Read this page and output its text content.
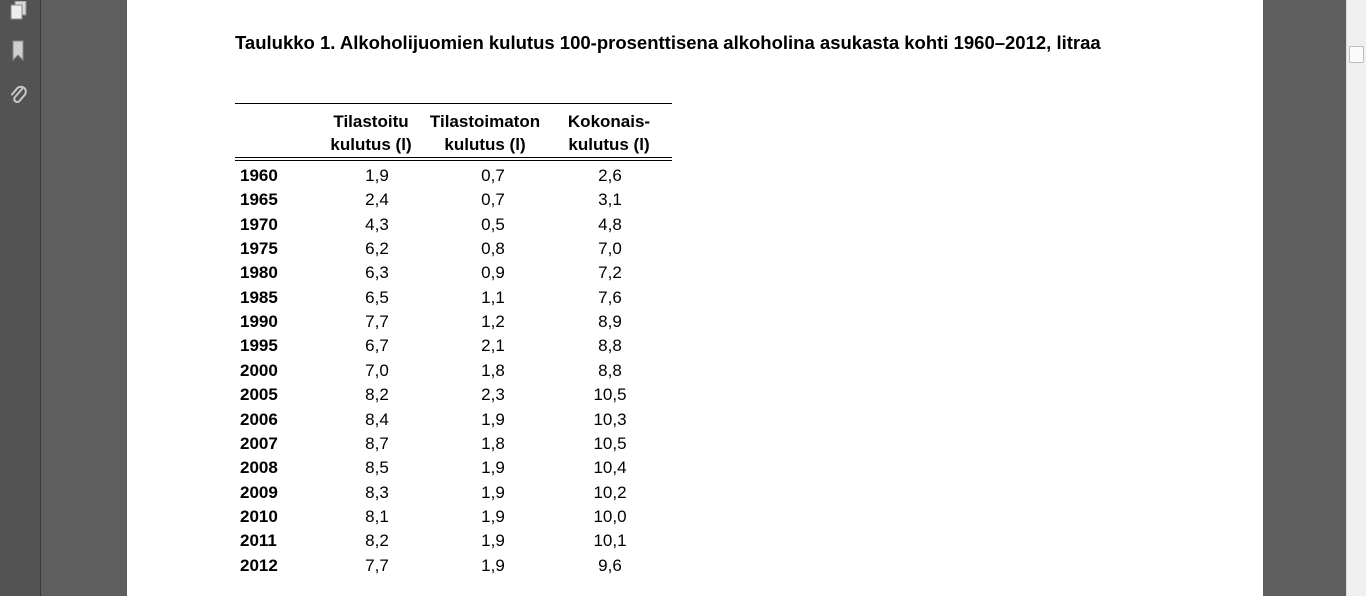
Taulukko 1. Alkoholijuomien kulutus 100-prosenttisena alkoholina asukasta kohti 1960–2012, litraa
Tilastoitu
kulutus (l)
Tilastoimaton
kulutus (l)
Kokonais-
kulutus (l)
1960	1,9	0,7	2,6
1965	2,4	0,7	3,1
1970	4,3	0,5	4,8
1975	6,2	0,8	7,0
1980	6,3	0,9	7,2
1985	6,5	1,1	7,6
1990	7,7	1,2	8,9
1995	6,7	2,1	8,8
2000	7,0	1,8	8,8
2005	8,2	2,3	10,5
2006	8,4	1,9	10,3
2007	8,7	1,8	10,5
2008	8,5	1,9	10,4
2009	8,3	1,9	10,2
2010	8,1	1,9	10,0
2011	8,2	1,9	10,1
2012	7,7	1,9	9,6
